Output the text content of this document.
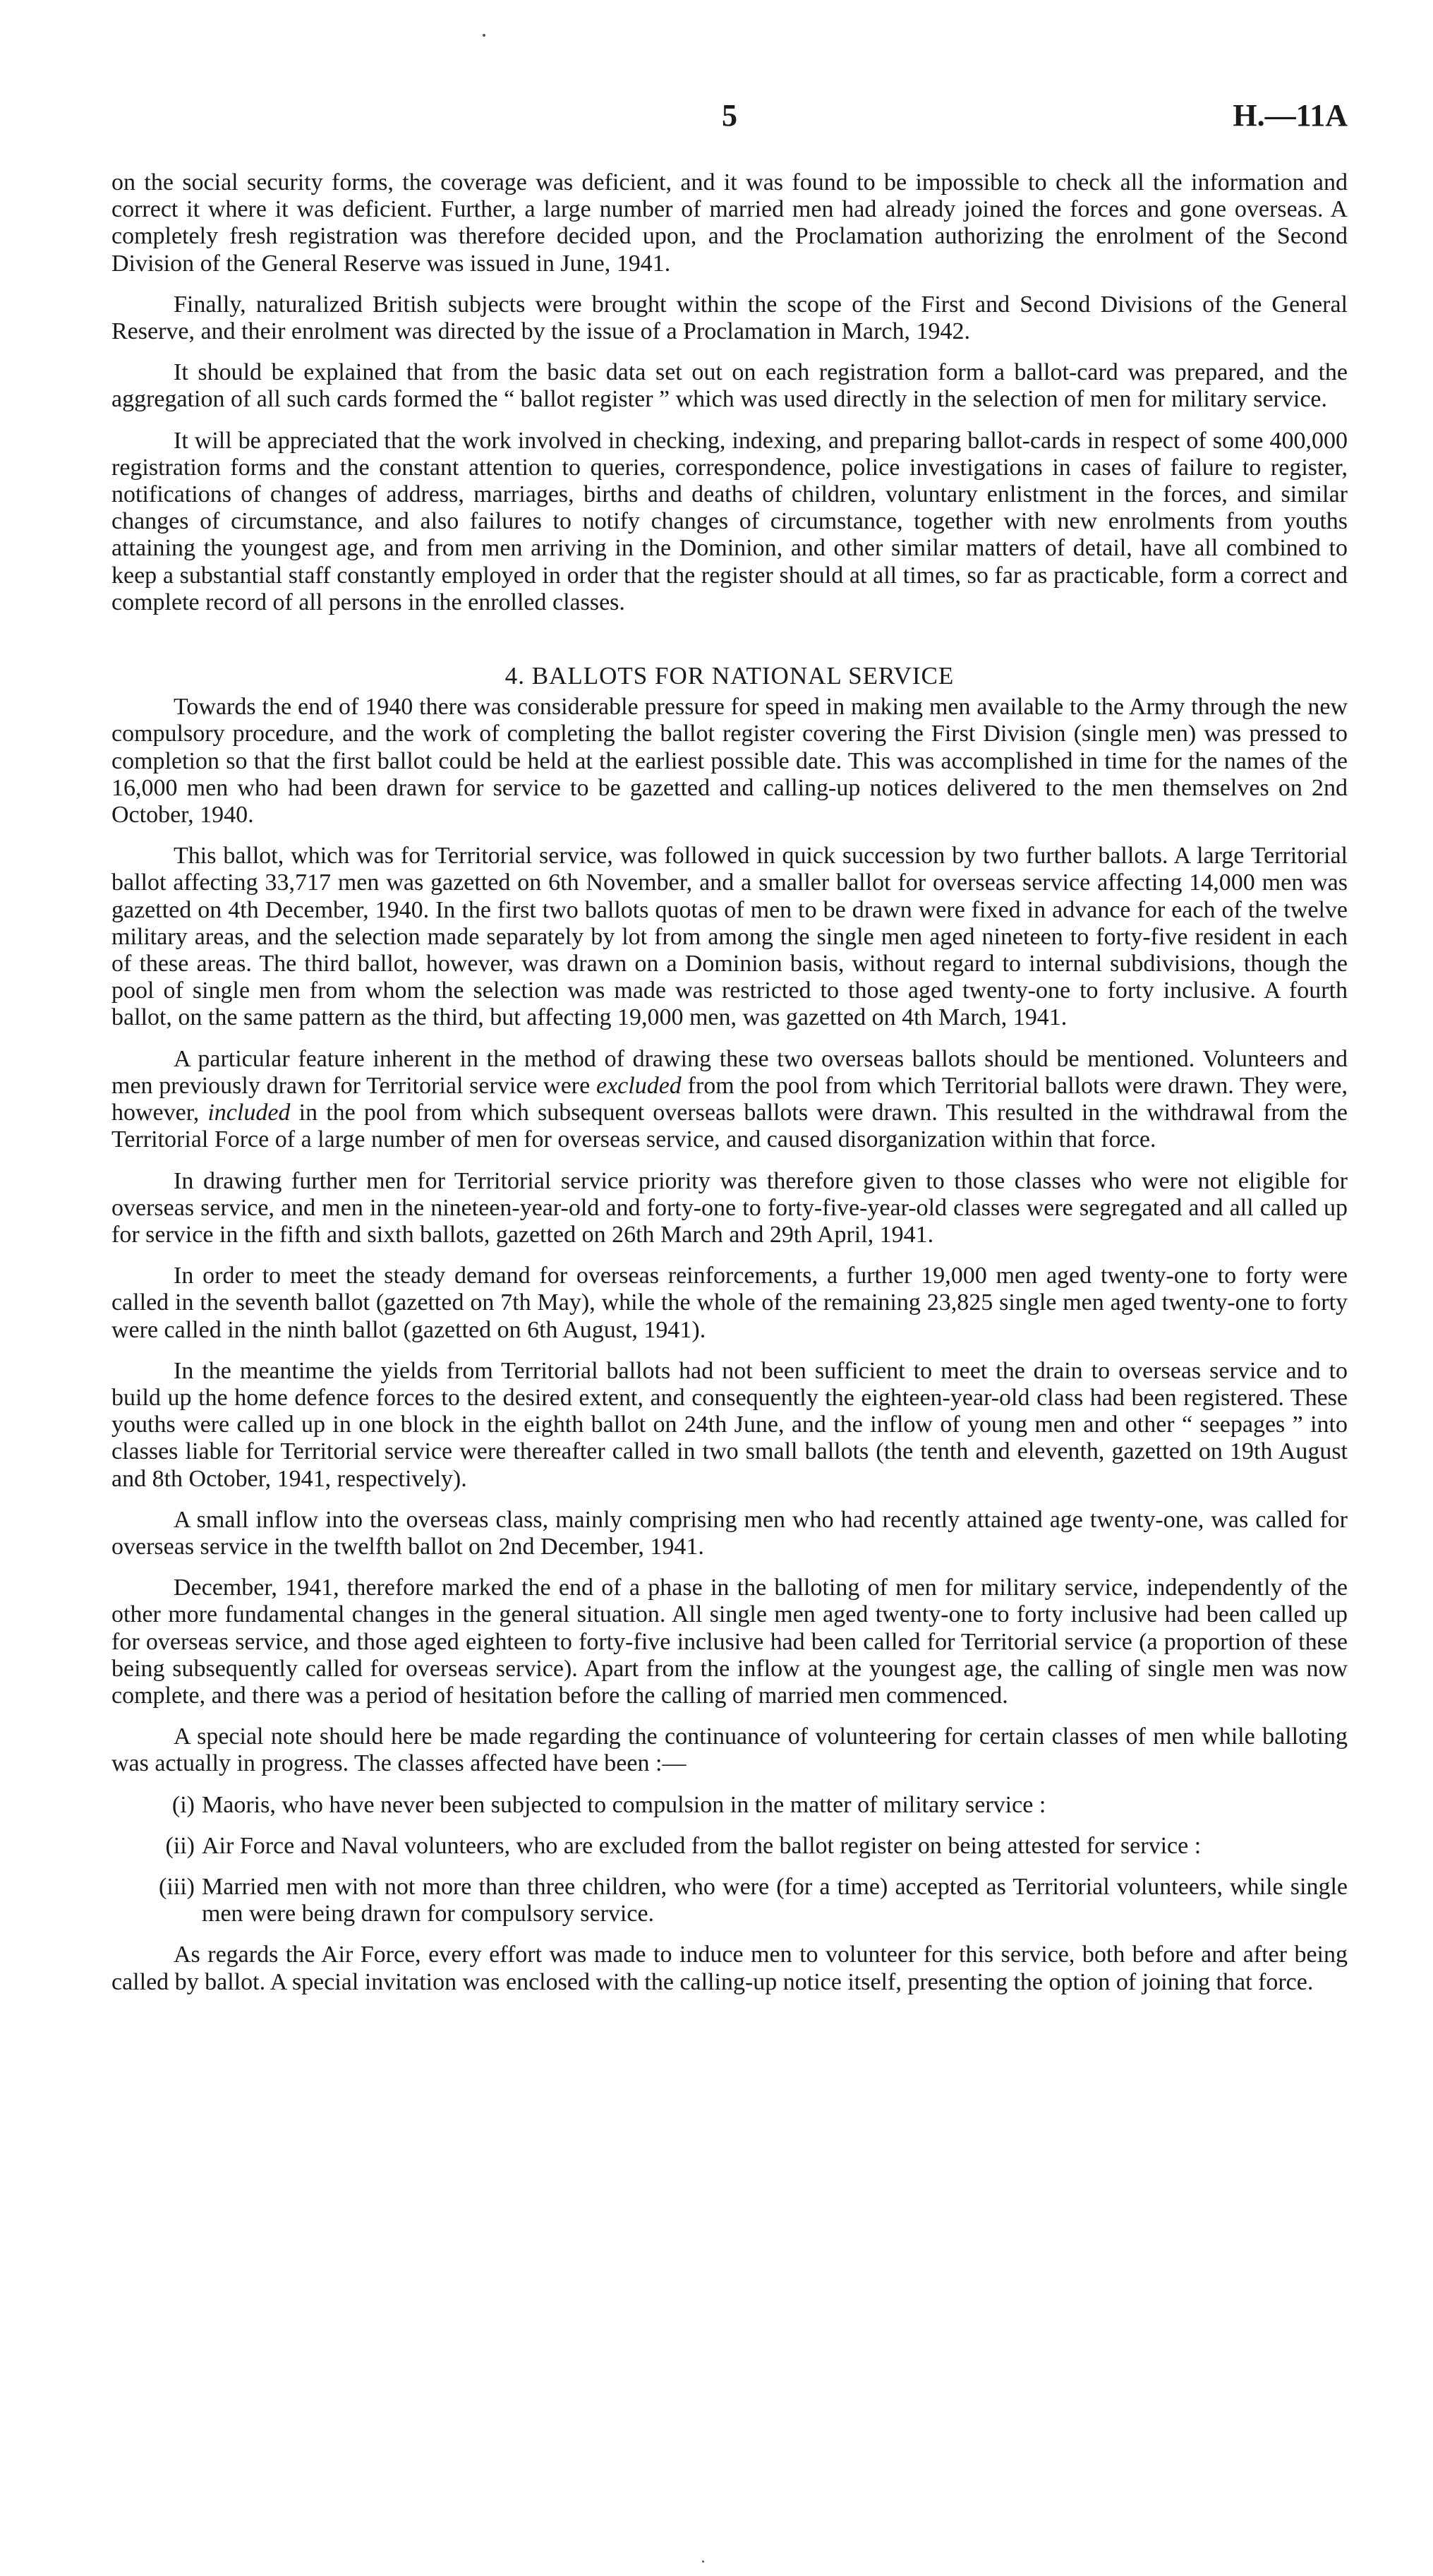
5	H.—11A

on the social security forms, the coverage was deficient, and it was found to be impossible to check all the information and correct it where it was deficient. Further, a large number of married men had already joined the forces and gone overseas. A completely fresh registration was therefore decided upon, and the Proclamation authorizing the enrolment of the Second Division of the General Reserve was issued in June, 1941.

Finally, naturalized British subjects were brought within the scope of the First and Second Divisions of the General Reserve, and their enrolment was directed by the issue of a Proclamation in March, 1942.

It should be explained that from the basic data set out on each registration form a ballot-card was prepared, and the aggregation of all such cards formed the “ ballot register ” which was used directly in the selection of men for military service.

It will be appreciated that the work involved in checking, indexing, and preparing ballot-cards in respect of some 400,000 registration forms and the constant attention to queries, correspondence, police investigations in cases of failure to register, notifications of changes of address, marriages, births and deaths of children, voluntary enlistment in the forces, and similar changes of circumstance, and also failures to notify changes of circumstance, together with new enrolments from youths attaining the youngest age, and from men arriving in the Dominion, and other similar matters of detail, have all combined to keep a substantial staff constantly employed in order that the register should at all times, so far as practicable, form a correct and complete record of all persons in the enrolled classes.

4. BALLOTS FOR NATIONAL SERVICE

Towards the end of 1940 there was considerable pressure for speed in making men available to the Army through the new compulsory procedure, and the work of completing the ballot register covering the First Division (single men) was pressed to completion so that the first ballot could be held at the earliest possible date. This was accomplished in time for the names of the 16,000 men who had been drawn for service to be gazetted and calling-up notices delivered to the men themselves on 2nd October, 1940.

This ballot, which was for Territorial service, was followed in quick succession by two further ballots. A large Territorial ballot affecting 33,717 men was gazetted on 6th November, and a smaller ballot for overseas service affecting 14,000 men was gazetted on 4th December, 1940. In the first two ballots quotas of men to be drawn were fixed in advance for each of the twelve military areas, and the selection made separately by lot from among the single men aged nineteen to forty-five resident in each of these areas. The third ballot, however, was drawn on a Dominion basis, without regard to internal subdivisions, though the pool of single men from whom the selection was made was restricted to those aged twenty-one to forty inclusive. A fourth ballot, on the same pattern as the third, but affecting 19,000 men, was gazetted on 4th March, 1941.

A particular feature inherent in the method of drawing these two overseas ballots should be mentioned. Volunteers and men previously drawn for Territorial service were excluded from the pool from which Territorial ballots were drawn. They were, however, included in the pool from which subsequent overseas ballots were drawn. This resulted in the withdrawal from the Territorial Force of a large number of men for overseas service, and caused disorganization within that force.

In drawing further men for Territorial service priority was therefore given to those classes who were not eligible for overseas service, and men in the nineteen-year-old and forty-one to forty-five-year-old classes were segregated and all called up for service in the fifth and sixth ballots, gazetted on 26th March and 29th April, 1941.

In order to meet the steady demand for overseas reinforcements, a further 19,000 men aged twenty-one to forty were called in the seventh ballot (gazetted on 7th May), while the whole of the remaining 23,825 single men aged twenty-one to forty were called in the ninth ballot (gazetted on 6th August, 1941).

In the meantime the yields from Territorial ballots had not been sufficient to meet the drain to overseas service and to build up the home defence forces to the desired extent, and consequently the eighteen-year-old class had been registered. These youths were called up in one block in the eighth ballot on 24th June, and the inflow of young men and other “ seepages ” into classes liable for Territorial service were thereafter called in two small ballots (the tenth and eleventh, gazetted on 19th August and 8th October, 1941, respectively).

A small inflow into the overseas class, mainly comprising men who had recently attained age twenty-one, was called for overseas service in the twelfth ballot on 2nd December, 1941.

December, 1941, therefore marked the end of a phase in the balloting of men for military service, independently of the other more fundamental changes in the general situation. All single men aged twenty-one to forty inclusive had been called up for overseas service, and those aged eighteen to forty-five inclusive had been called for Territorial service (a proportion of these being subsequently called for overseas service). Apart from the inflow at the youngest age, the calling of single men was now complete, and there was a period of hesitation before the calling of married men commenced.

A special note should here be made regarding the continuance of volunteering for certain classes of men while balloting was actually in progress. The classes affected have been :—

(i) Maoris, who have never been subjected to compulsion in the matter of military service :
(ii) Air Force and Naval volunteers, who are excluded from the ballot register on being attested for service :
(iii) Married men with not more than three children, who were (for a time) accepted as Territorial volunteers, while single men were being drawn for compulsory service.

As regards the Air Force, every effort was made to induce men to volunteer for this service, both before and after being called by ballot. A special invitation was enclosed with the calling-up notice itself, presenting the option of joining that force.
